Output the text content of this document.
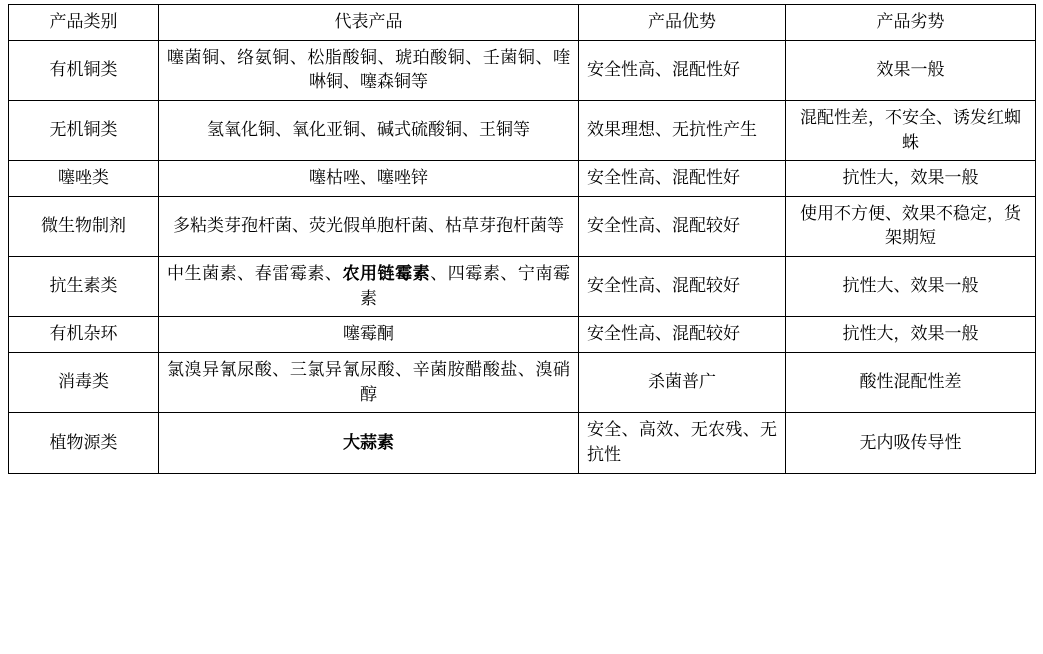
产品类别	代表产品	产品优势	产品劣势
有机铜类	噻菌铜、络氨铜、松脂酸铜、琥珀酸铜、壬菌铜、喹啉铜、噻森铜等	安全性高、混配性好	效果一般
无机铜类	氢氧化铜、氧化亚铜、碱式硫酸铜、王铜等	效果理想、无抗性产生	混配性差，不安全、诱发红蜘蛛
噻唑类	噻枯唑、噻唑锌	安全性高、混配性好	抗性大，效果一般
微生物制剂	多粘类芽孢杆菌、荧光假单胞杆菌、枯草芽孢杆菌等	安全性高、混配较好	使用不方便、效果不稳定，货架期短
抗生素类	中生菌素、春雷霉素、农用链霉素、四霉素、宁南霉素	安全性高、混配较好	抗性大、效果一般
有机杂环	噻霉酮	安全性高、混配较好	抗性大，效果一般
消毒类	氯溴异氰尿酸、三氯异氰尿酸、辛菌胺醋酸盐、溴硝醇	杀菌普广	酸性混配性差
植物源类	大蒜素	安全、高效、无农残、无抗性	无内吸传导性
